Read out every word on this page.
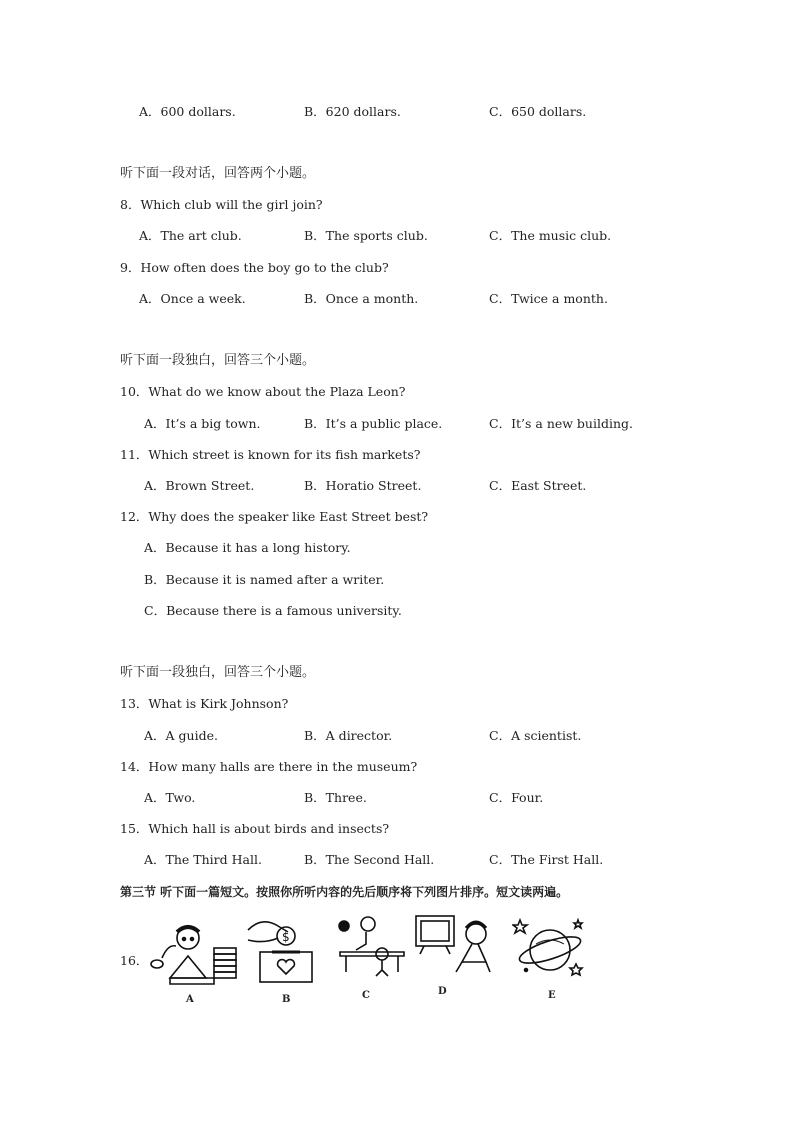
A．600 dollars.	B．620 dollars.	C．650 dollars.
听下面一段对话，回答两个小题。
8．Which club will the girl join?
A．The art club.	B．The sports club.	C．The music club.
9．How often does the boy go to the club?
A．Once a week.	B．Once a month.	C．Twice a month.
听下面一段独白，回答三个小题。
10．What do we know about the Plaza Leon?
A．It’s a big town.	B．It’s a public place.	C．It’s a new building.
11．Which street is known for its fish markets?
A．Brown Street.	B．Horatio Street.	C．East Street.
12．Why does the speaker like East Street best?
A．Because it has a long history.
B．Because it is named after a writer.
C．Because there is a famous university.
听下面一段独白，回答三个小题。
13．What is Kirk Johnson?
A．A guide.	B．A director.	C．A scientist.
14．How many halls are there in the museum?
A．Two.	B．Three.	C．Four.
15．Which hall is about birds and insects?
A．The Third Hall.	B．The Second Hall.	C．The First Hall.
第三节 听下面一篇短文。按照你所听内容的先后顺序将下列图片排序。短文读两遍。
16．
A
$
B	C	D	E
